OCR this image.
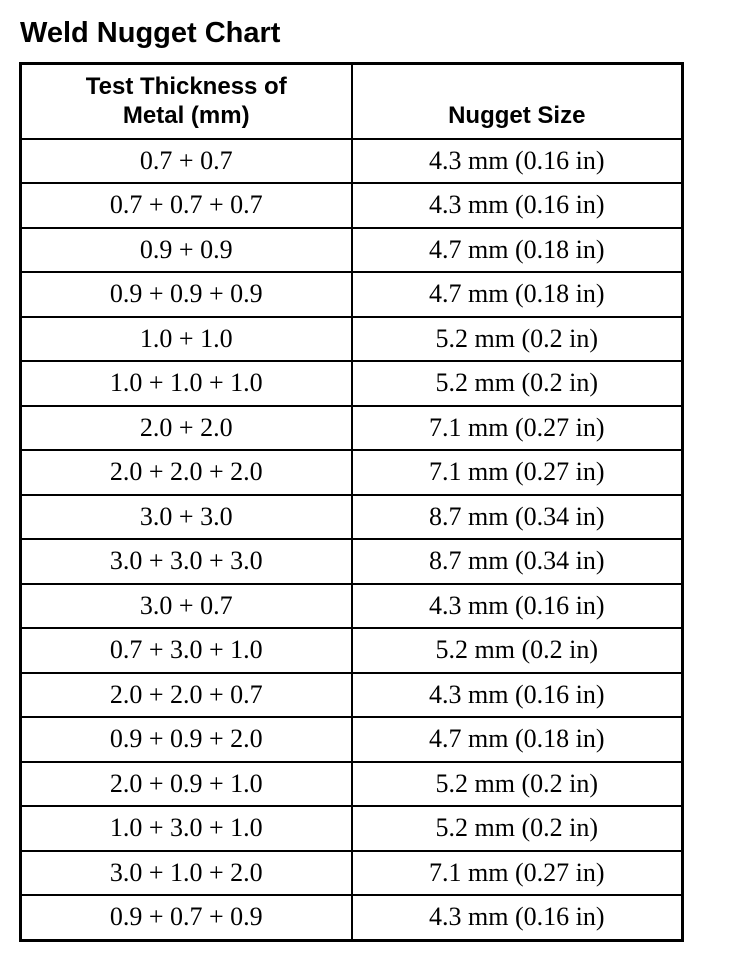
Weld Nugget Chart
Test Thickness of
Metal (mm)	Nugget Size
0.7 + 0.7	4.3 mm (0.16 in)
0.7 + 0.7 + 0.7	4.3 mm (0.16 in)
0.9 + 0.9	4.7 mm (0.18 in)
0.9 + 0.9 + 0.9	4.7 mm (0.18 in)
1.0 + 1.0	5.2 mm (0.2 in)
1.0 + 1.0 + 1.0	5.2 mm (0.2 in)
2.0 + 2.0	7.1 mm (0.27 in)
2.0 + 2.0 + 2.0	7.1 mm (0.27 in)
3.0 + 3.0	8.7 mm (0.34 in)
3.0 + 3.0 + 3.0	8.7 mm (0.34 in)
3.0 + 0.7	4.3 mm (0.16 in)
0.7 + 3.0 + 1.0	5.2 mm (0.2 in)
2.0 + 2.0 + 0.7	4.3 mm (0.16 in)
0.9 + 0.9 + 2.0	4.7 mm (0.18 in)
2.0 + 0.9 + 1.0	5.2 mm (0.2 in)
1.0 + 3.0 + 1.0	5.2 mm (0.2 in)
3.0 + 1.0 + 2.0	7.1 mm (0.27 in)
0.9 + 0.7 + 0.9	4.3 mm (0.16 in)
